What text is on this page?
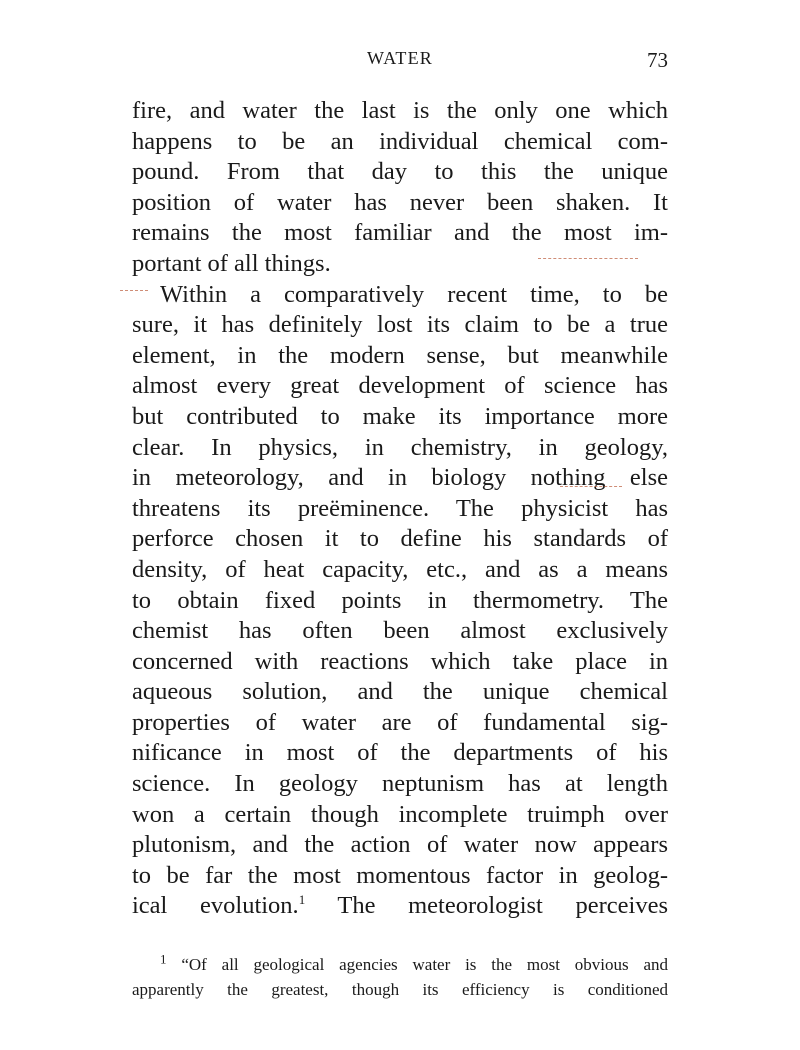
WATER	73
fire, and water the last is the only one which
happens to be an individual chemical com-
pound. From that day to this the unique
position of water has never been shaken. It
remains the most familiar and the most im-
portant of all things.
Within a comparatively recent time, to be
sure, it has definitely lost its claim to be a true
element, in the modern sense, but meanwhile
almost every great development of science has
but contributed to make its importance more
clear. In physics, in chemistry, in geology,
in meteorology, and in biology nothing else
threatens its preëminence. The physicist has
perforce chosen it to define his standards of
density, of heat capacity, etc., and as a means
to obtain fixed points in thermometry. The
chemist has often been almost exclusively
concerned with reactions which take place in
aqueous solution, and the unique chemical
properties of water are of fundamental sig-
nificance in most of the departments of his
science. In geology neptunism has at length
won a certain though incomplete truimph over
plutonism, and the action of water now appears
to be far the most momentous factor in geolog-
ical evolution.$^1$ The meteorologist perceives
$^1$ “Of all geological agencies water is the most obvious and
apparently the greatest, though its efficiency is conditioned
